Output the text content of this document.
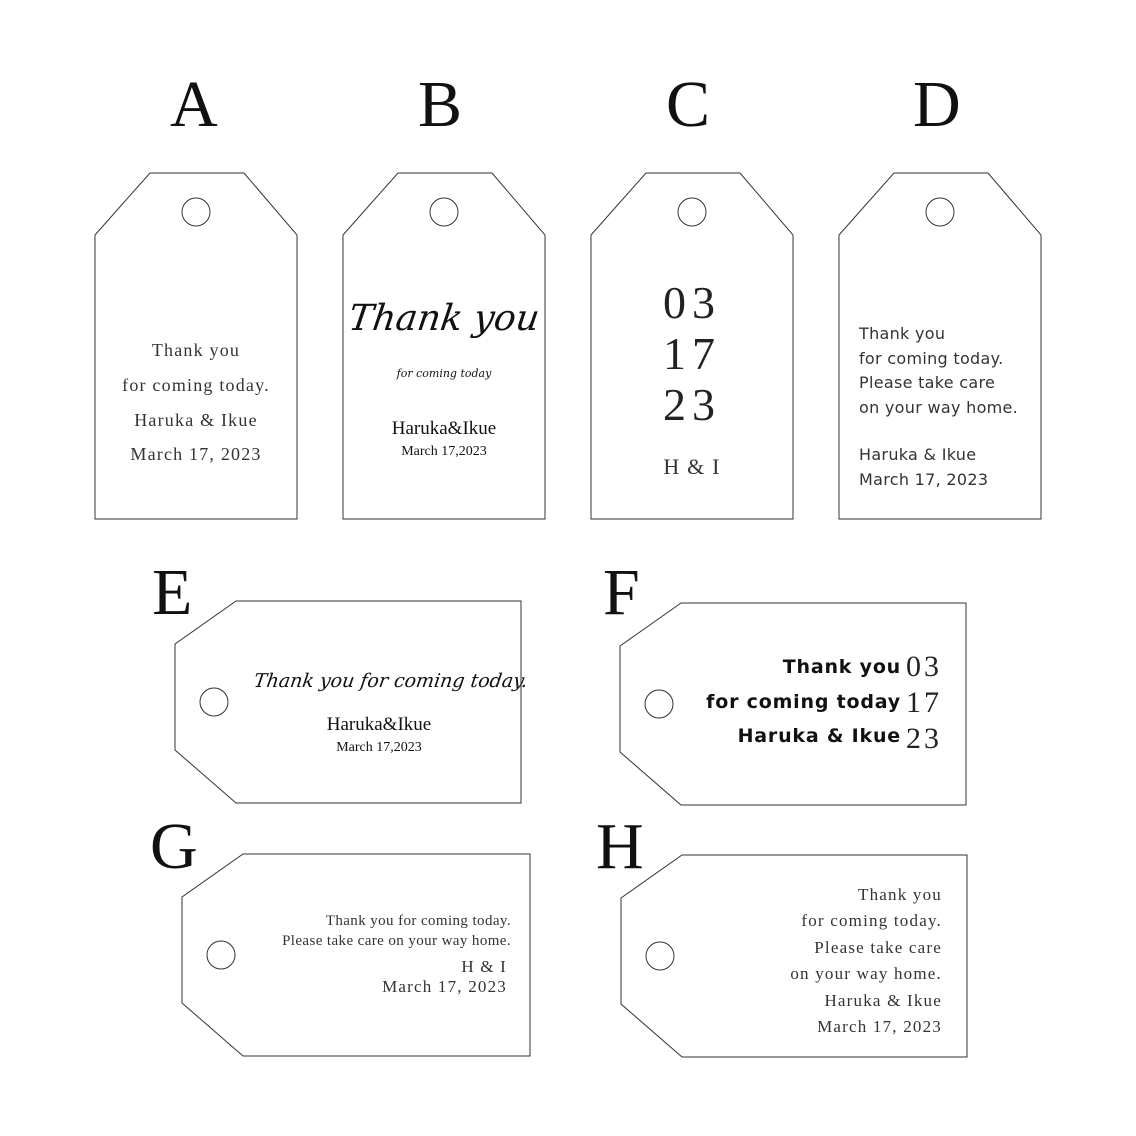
A	B	C	D
E	F
G	H
Thank you
for coming today.
Haruka & Ikue
March 17, 2023
Thank you
for coming today
Haruka&Ikue
March 17,2023
03
17
23
H & I
Thank you
for coming today.
Please take care
on your way home.
Haruka & Ikue
March 17, 2023
Thank you for coming today.
Haruka&Ikue
March 17,2023
Thank you
for coming today
Haruka & Ikue
03
17
23
Thank you for coming today.
Please take care on your way home.
H & I
March 17, 2023
Thank you
for coming today.
Please take care
on your way home.
Haruka & Ikue
March 17, 2023
